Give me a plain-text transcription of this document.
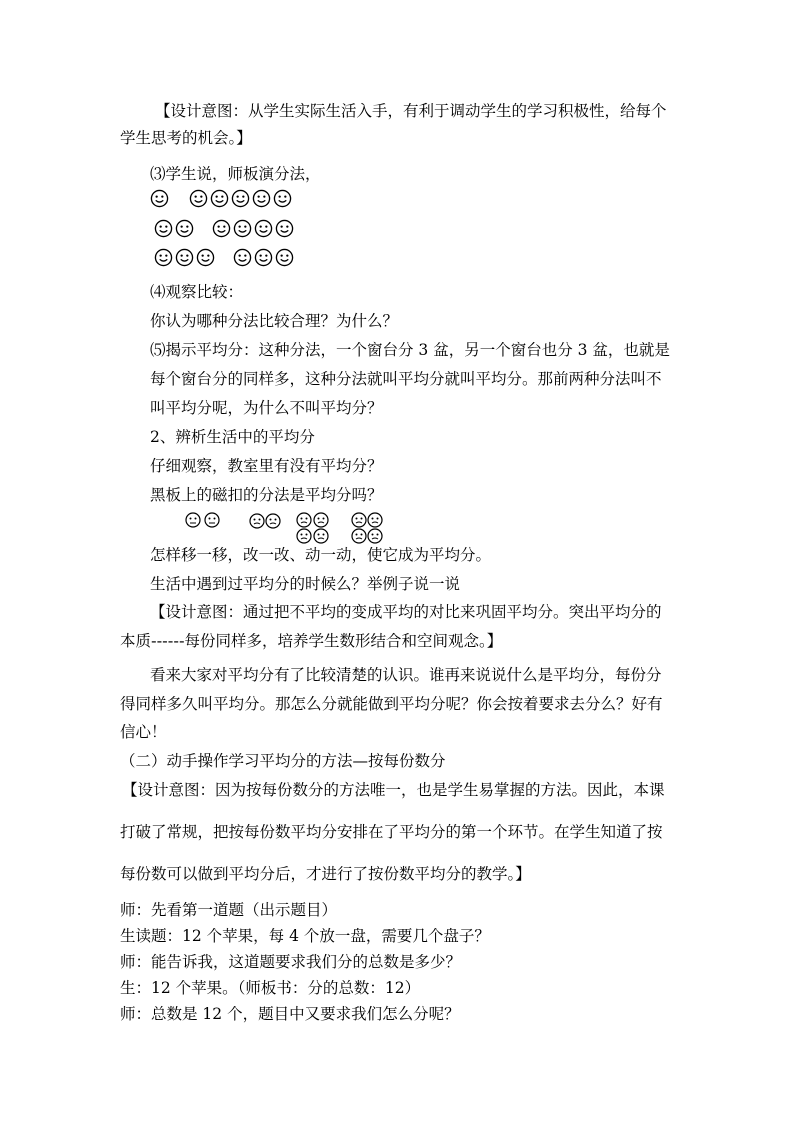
【设计意图：从学生实际生活入手，有利于调动学生的学习积极性，给每个
学生思考的机会。】
⑶学生说，师板演分法，
⑷观察比较：
你认为哪种分法比较合理？为什么？
⑸揭示平均分：这种分法，一个窗台分 3 盆，另一个窗台也分 3 盆，也就是
每个窗台分的同样多，这种分法就叫平均分就叫平均分。那前两种分法叫不
叫平均分呢，为什么不叫平均分？
2、辨析生活中的平均分
仔细观察，教室里有没有平均分？
黑板上的磁扣的分法是平均分吗？
怎样移一移，改一改、动一动，使它成为平均分。
生活中遇到过平均分的时候么？举例子说一说
【设计意图：通过把不平均的变成平均的对比来巩固平均分。突出平均分的
本质------每份同样多，培养学生数形结合和空间观念。】
看来大家对平均分有了比较清楚的认识。谁再来说说什么是平均分，每份分
得同样多久叫平均分。那怎么分就能做到平均分呢？你会按着要求去分么？好有
信心！
（二）动手操作学习平均分的方法—按每份数分
【设计意图：因为按每份数分的方法唯一，也是学生易掌握的方法。因此，本课
打破了常规，把按每份数平均分安排在了平均分的第一个环节。在学生知道了按
每份数可以做到平均分后，才进行了按份数平均分的教学。】
师：先看第一道题（出示题目）
生读题：12 个苹果，每 4 个放一盘，需要几个盘子？
师：能告诉我，这道题要求我们分的总数是多少？
生：12 个苹果。（师板书：分的总数：12）
师：总数是 12 个，题目中又要求我们怎么分呢？
